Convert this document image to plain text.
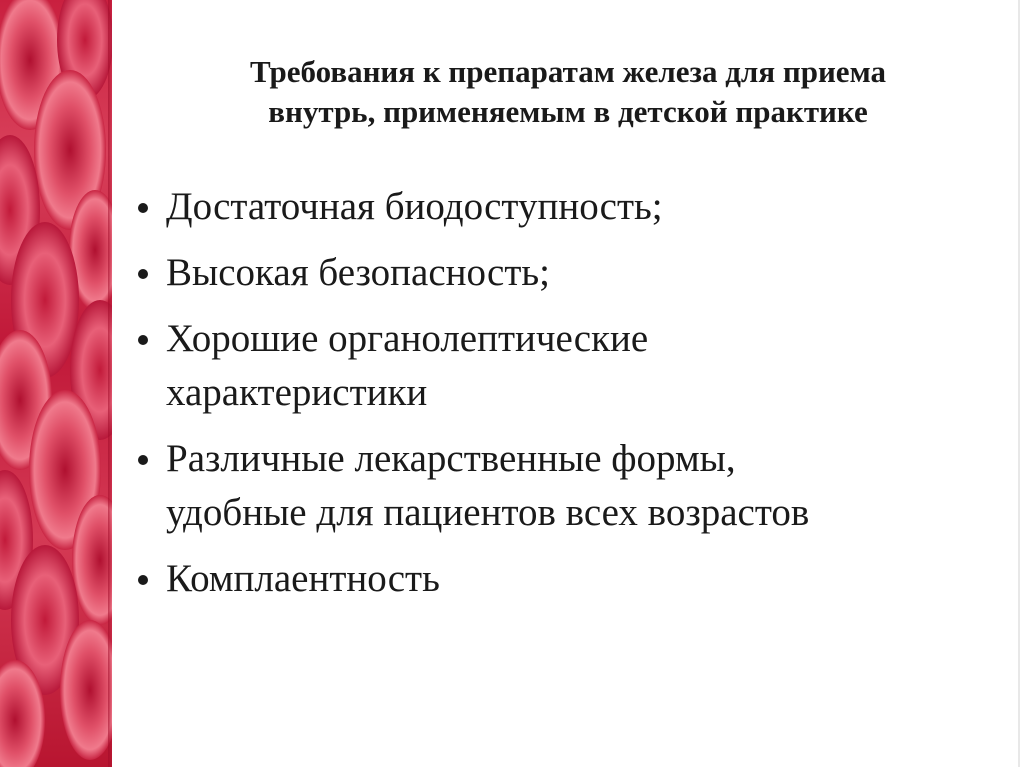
Требования к препаратам железа для приема
внутрь, применяемым в детской практике
Достаточная биодоступность;
Высокая безопасность;
Хорошие органолептические
характеристики
Различные лекарственные формы,
удобные для пациентов всех возрастов
Комплаентность
